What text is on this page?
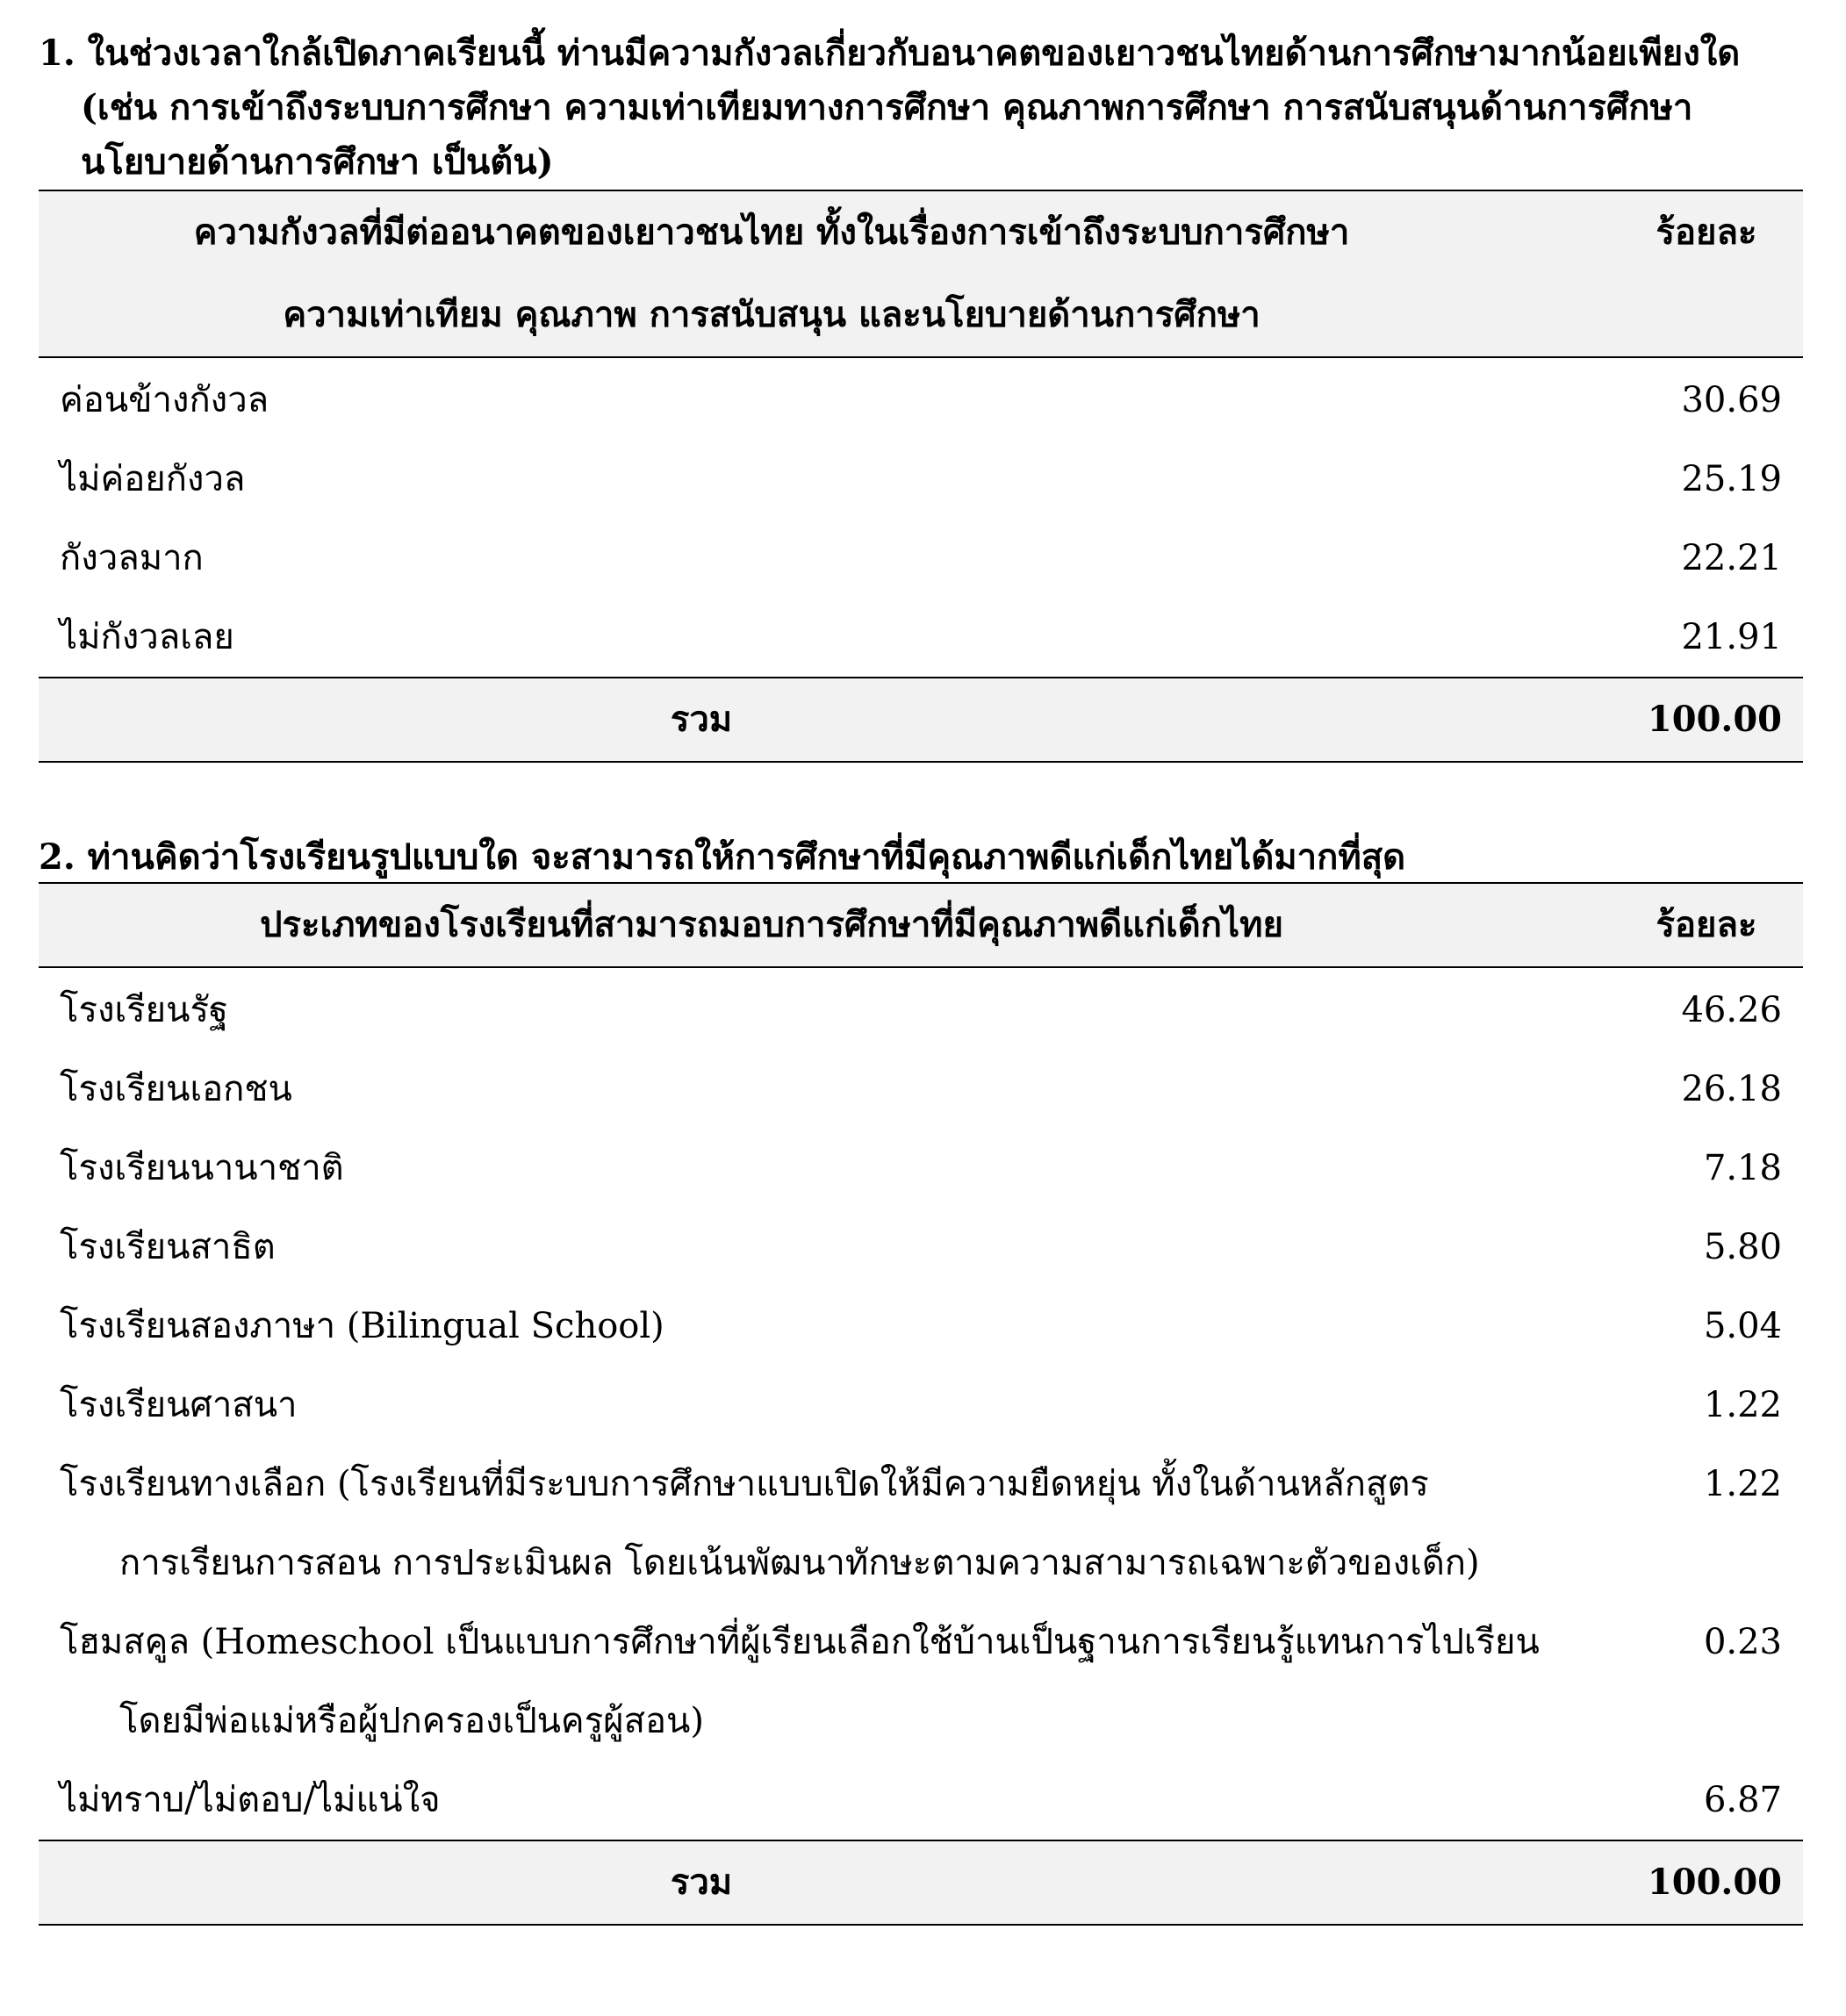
1. ในช่วงเวลาใกล้เปิดภาคเรียนนี้ ท่านมีความกังวลเกี่ยวกับอนาคตของเยาวชนไทยด้านการศึกษามากน้อยเพียงใด
(เช่น การเข้าถึงระบบการศึกษา ความเท่าเทียมทางการศึกษา คุณภาพการศึกษา การสนับสนุนด้านการศึกษา
นโยบายด้านการศึกษา เป็นต้น)

ความกังวลที่มีต่ออนาคตของเยาวชนไทย ทั้งในเรื่องการเข้าถึงระบบการศึกษา
ความเท่าเทียม คุณภาพ การสนับสนุน และนโยบายด้านการศึกษา	ร้อยละ
ค่อนข้างกังวล	30.69
ไม่ค่อยกังวล	25.19
กังวลมาก	22.21
ไม่กังวลเลย	21.91
รวม	100.00

2. ท่านคิดว่าโรงเรียนรูปแบบใด จะสามารถให้การศึกษาที่มีคุณภาพดีแก่เด็กไทยได้มากที่สุด

ประเภทของโรงเรียนที่สามารถมอบการศึกษาที่มีคุณภาพดีแก่เด็กไทย	ร้อยละ
โรงเรียนรัฐ	46.26
โรงเรียนเอกชน	26.18
โรงเรียนนานาชาติ	7.18
โรงเรียนสาธิต	5.80
โรงเรียนสองภาษา (Bilingual School)	5.04
โรงเรียนศาสนา	1.22
โรงเรียนทางเลือก (โรงเรียนที่มีระบบการศึกษาแบบเปิดให้มีความยืดหยุ่น ทั้งในด้านหลักสูตร
การเรียนการสอน การประเมินผล โดยเน้นพัฒนาทักษะตามความสามารถเฉพาะตัวของเด็ก)	1.22
โฮมสคูล (Homeschool เป็นแบบการศึกษาที่ผู้เรียนเลือกใช้บ้านเป็นฐานการเรียนรู้แทนการไปเรียน
โดยมีพ่อแม่หรือผู้ปกครองเป็นครูผู้สอน)	0.23
ไม่ทราบ/ไม่ตอบ/ไม่แน่ใจ	6.87
รวม	100.00
